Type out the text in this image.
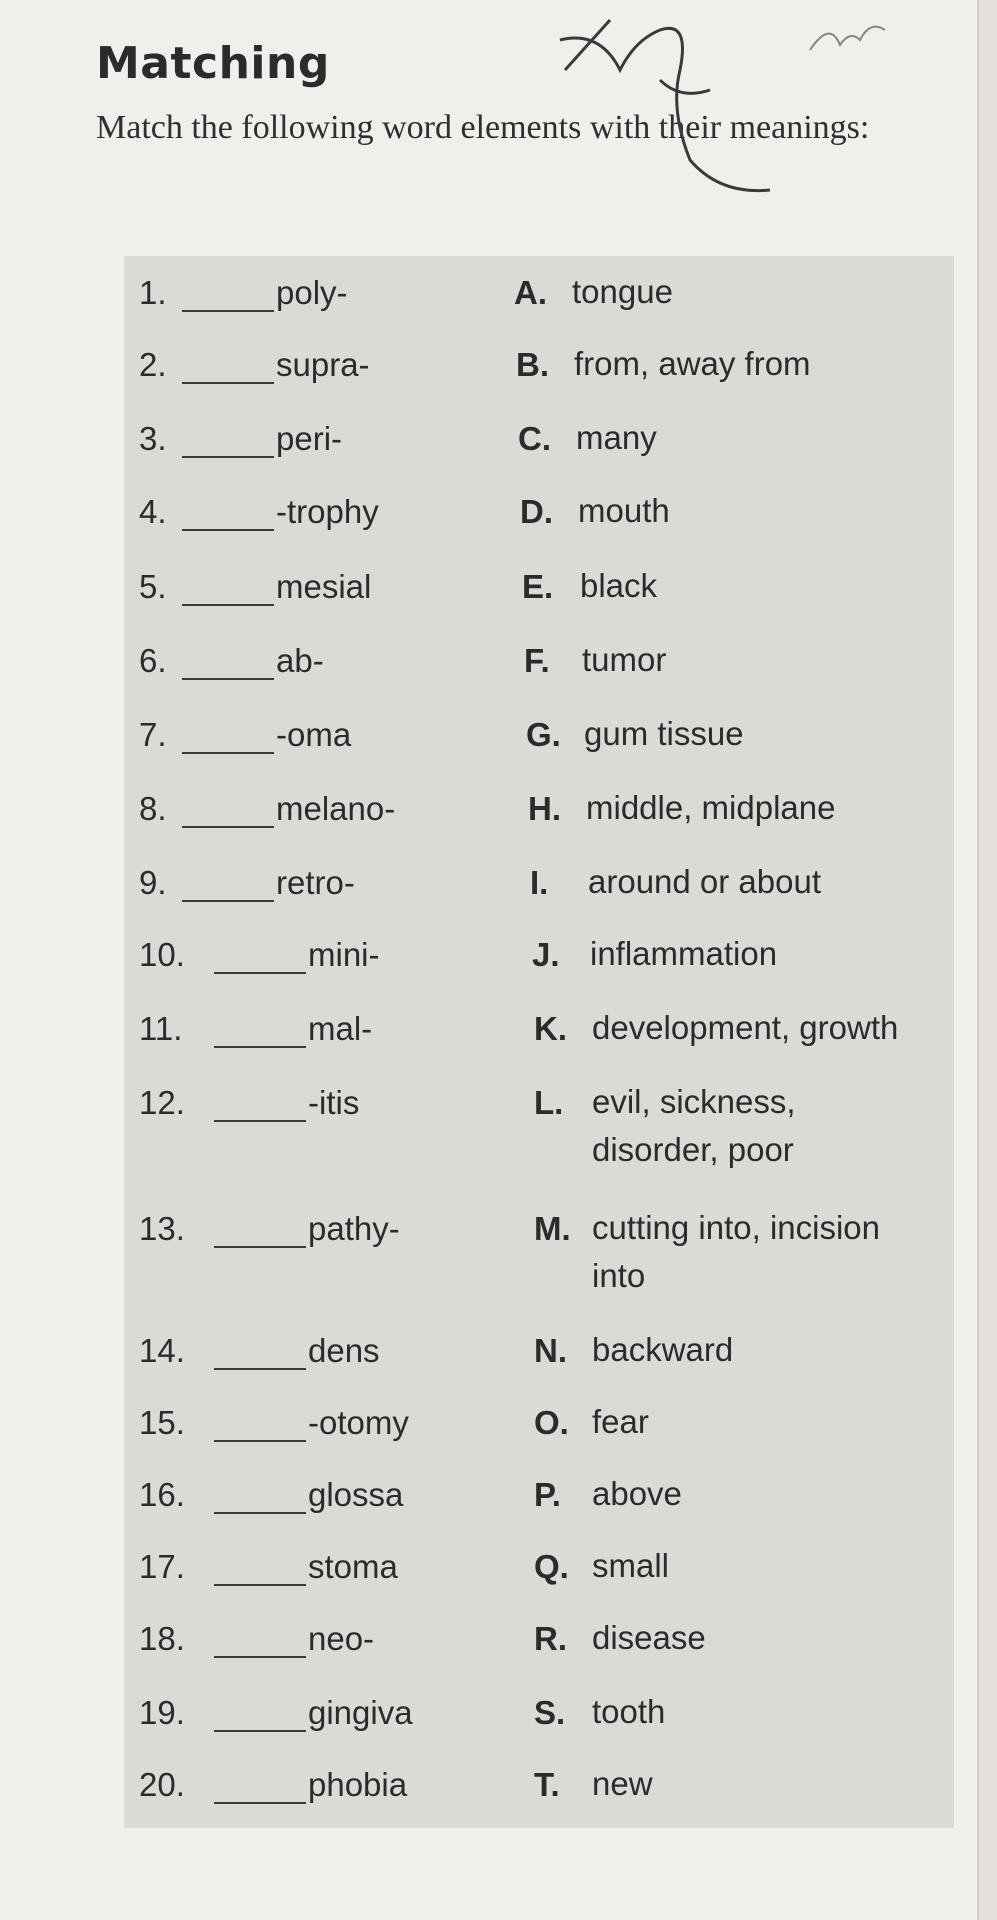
Matching
Match the following word elements with their meanings:
1.	poly-	A. tongue
2.	supra-	B. from, away from
3.	peri-	C. many
4.	-trophy	D. mouth
5.	mesial	E. black
6.	ab-	F. tumor
7.	-oma	G. gum tissue
8.	melano-	H. middle, midplane
9.	retro-	I. around or about
10.	mini-	J. inflammation
11.	mal-	K. development, growth
12.	-itis	L. evil, sickness, disorder, poor
13.	pathy-	M. cutting into, incision into
14.	dens	N. backward
15.	-otomy	O. fear
16.	glossa	P. above
17.	stoma	Q. small
18.	neo-	R. disease
19.	gingiva	S. tooth
20.	phobia	T. new
